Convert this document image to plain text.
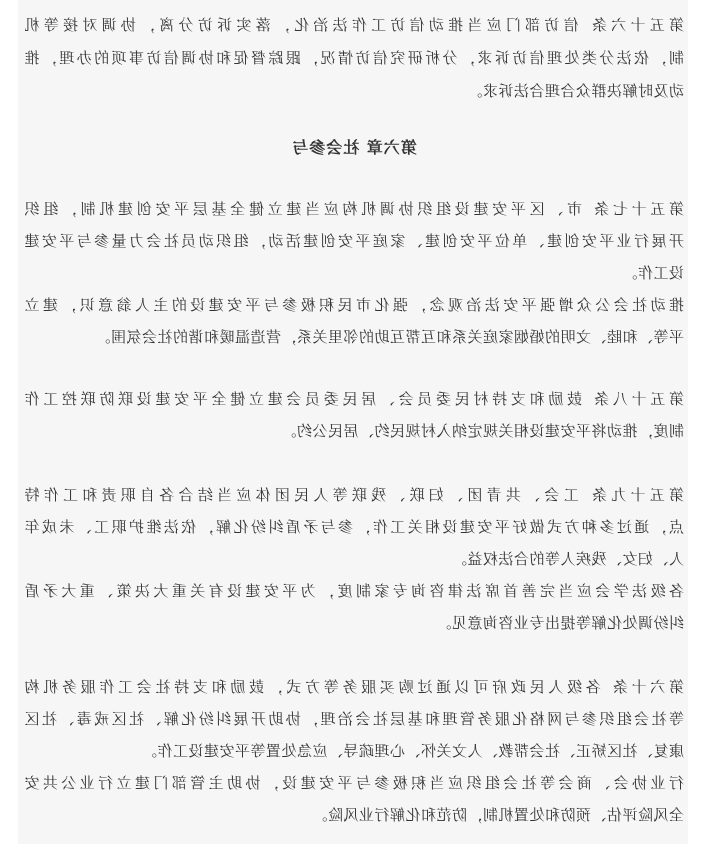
第五十六条 信访部门应当推动信访工作法治化，落实诉访分离，协调对接等机
制，依法分类处理信访诉求，分析研究信访情况，跟踪督促和协调信访事项的办理，推
动及时解决群众合理合法诉求。
第六章 社会参与
第五十七条 市、区平安建设组织协调机构应当建立健全基层平安创建机制，组织
开展行业平安创建、单位平安创建、家庭平安创建活动，组织动员社会力量参与平安建
设工作。
推动社会公众增强平安法治观念，强化市民积极参与平安建设的主人翁意识，建立
平等、和睦、文明的婚姻家庭关系和互帮互助的邻里关系，营造温暖和谐的社会氛围。
第五十八条 鼓励和支持村民委员会、居民委员会建立健全平安建设联防联控工作
制度，推动将平安建设相关规定纳入村规民约、居民公约。
第五十九条 工会、共青团、妇联、残联等人民团体应当结合各自职责和工作特
点，通过多种方式做好平安建设相关工作，参与矛盾纠纷化解，依法维护职工、未成年
人、妇女、残疾人等的合法权益。
各级法学会应当完善首席法律咨询专家制度，为平安建设有关重大决策、重大矛盾
纠纷调处化解等提出专业咨询意见。
第六十条 各级人民政府可以通过购买服务等方式，鼓励和支持社会工作服务机构
等社会组织参与网格化服务管理和基层社会治理，协助开展纠纷化解、社区戒毒、社区
康复、社区矫正、社会帮教、人文关怀、心理疏导、应急处置等平安建设工作。
行业协会、商会等社会组织应当积极参与平安建设，协助主管部门建立行业公共安
全风险评估、预防和处置机制，防范和化解行业风险。
